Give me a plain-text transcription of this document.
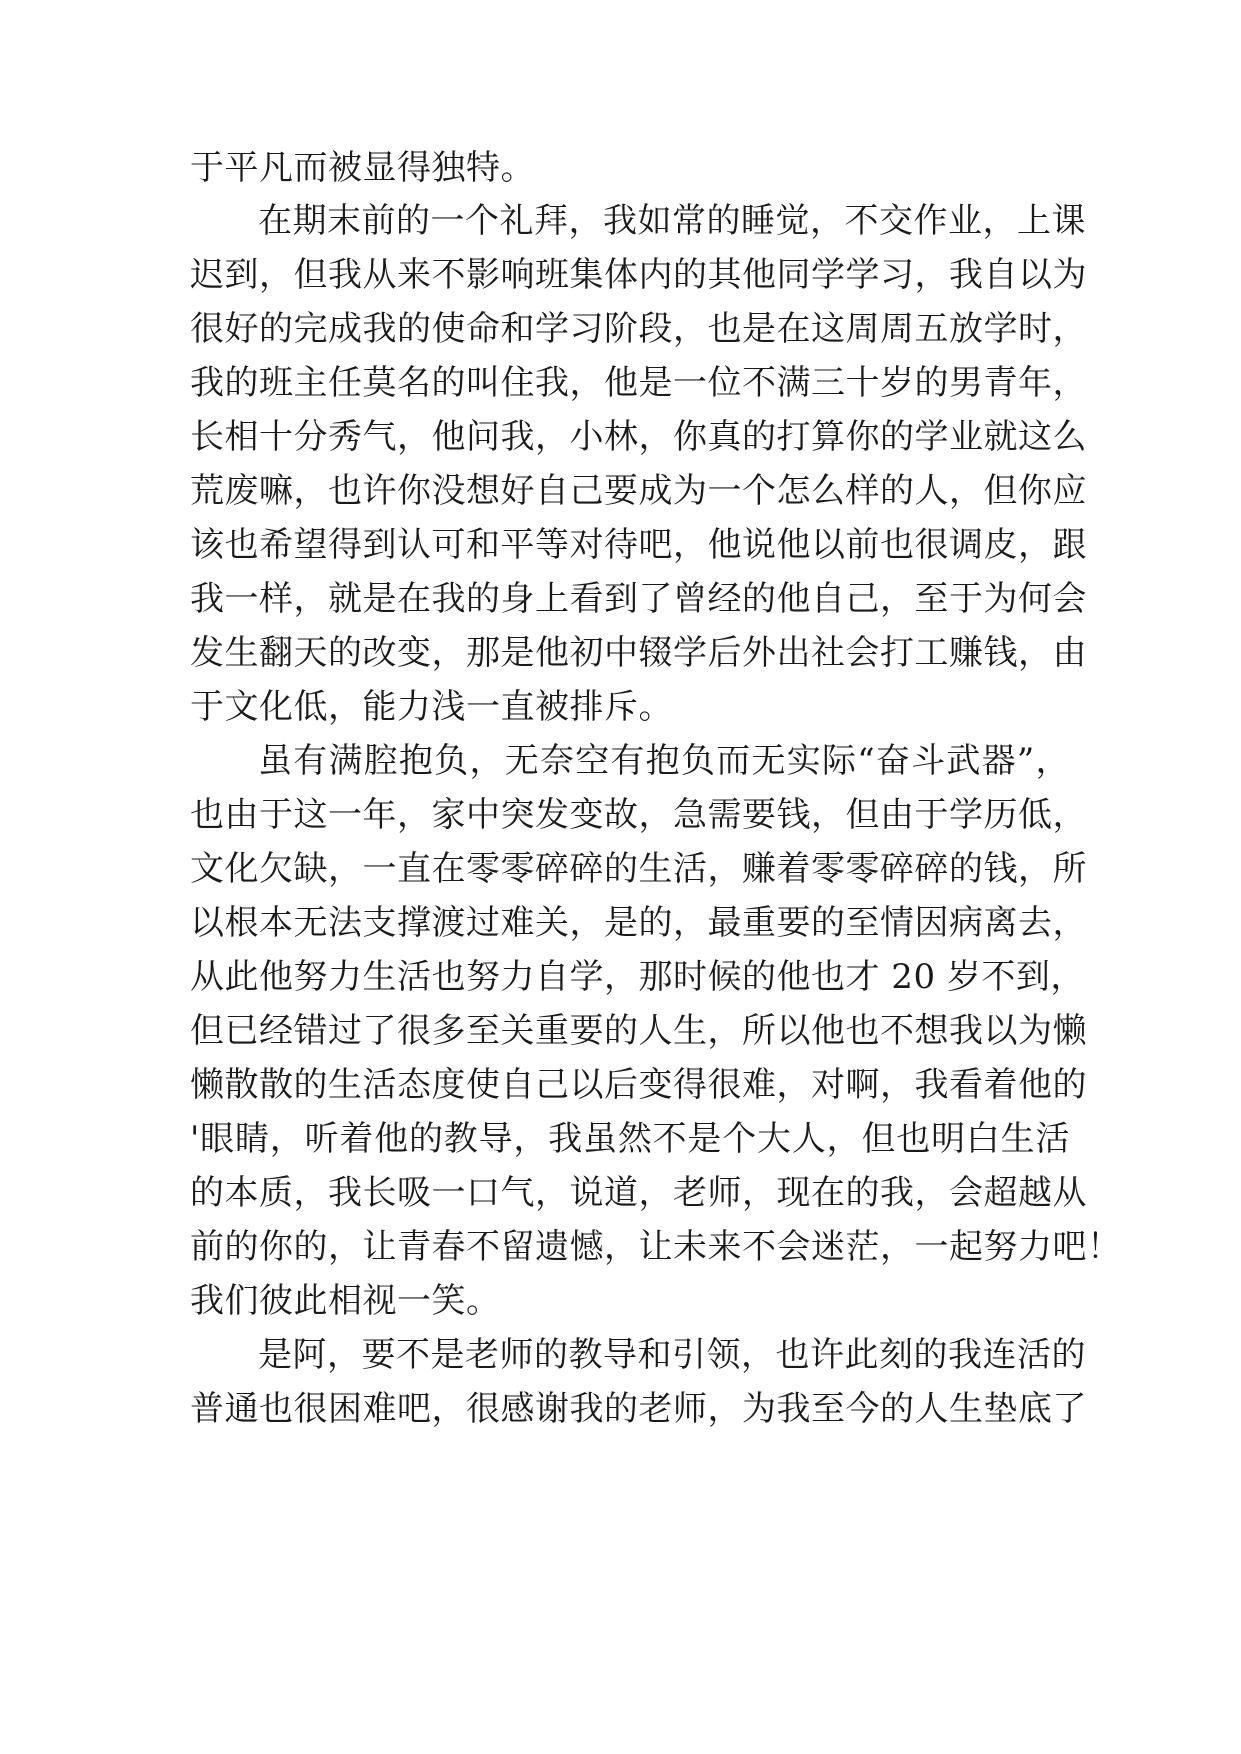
于平凡而被显得独特。
在期末前的一个礼拜，我如常的睡觉，不交作业，上课
迟到，但我从来不影响班集体内的其他同学学习，我自以为
很好的完成我的使命和学习阶段，也是在这周周五放学时，
我的班主任莫名的叫住我，他是一位不满三十岁的男青年，
长相十分秀气，他问我，小林，你真的打算你的学业就这么
荒废嘛，也许你没想好自己要成为一个怎么样的人，但你应
该也希望得到认可和平等对待吧，他说他以前也很调皮，跟
我一样，就是在我的身上看到了曾经的他自己，至于为何会
发生翻天的改变，那是他初中辍学后外出社会打工赚钱，由
于文化低，能力浅一直被排斥。
虽有满腔抱负，无奈空有抱负而无实际“奋斗武器”，
也由于这一年，家中突发变故，急需要钱，但由于学历低，
文化欠缺，一直在零零碎碎的生活，赚着零零碎碎的钱，所
以根本无法支撑渡过难关，是的，最重要的至情因病离去，
从此他努力生活也努力自学，那时候的他也才 20 岁不到，
但已经错过了很多至关重要的人生，所以他也不想我以为懒
懒散散的生活态度使自己以后变得很难，对啊，我看着他的
'眼睛，听着他的教导，我虽然不是个大人，但也明白生活
的本质，我长吸一口气，说道，老师，现在的我，会超越从
前的你的，让青春不留遗憾，让未来不会迷茫，一起努力吧！
我们彼此相视一笑。
是阿，要不是老师的教导和引领，也许此刻的我连活的
普通也很困难吧，很感谢我的老师，为我至今的人生垫底了
